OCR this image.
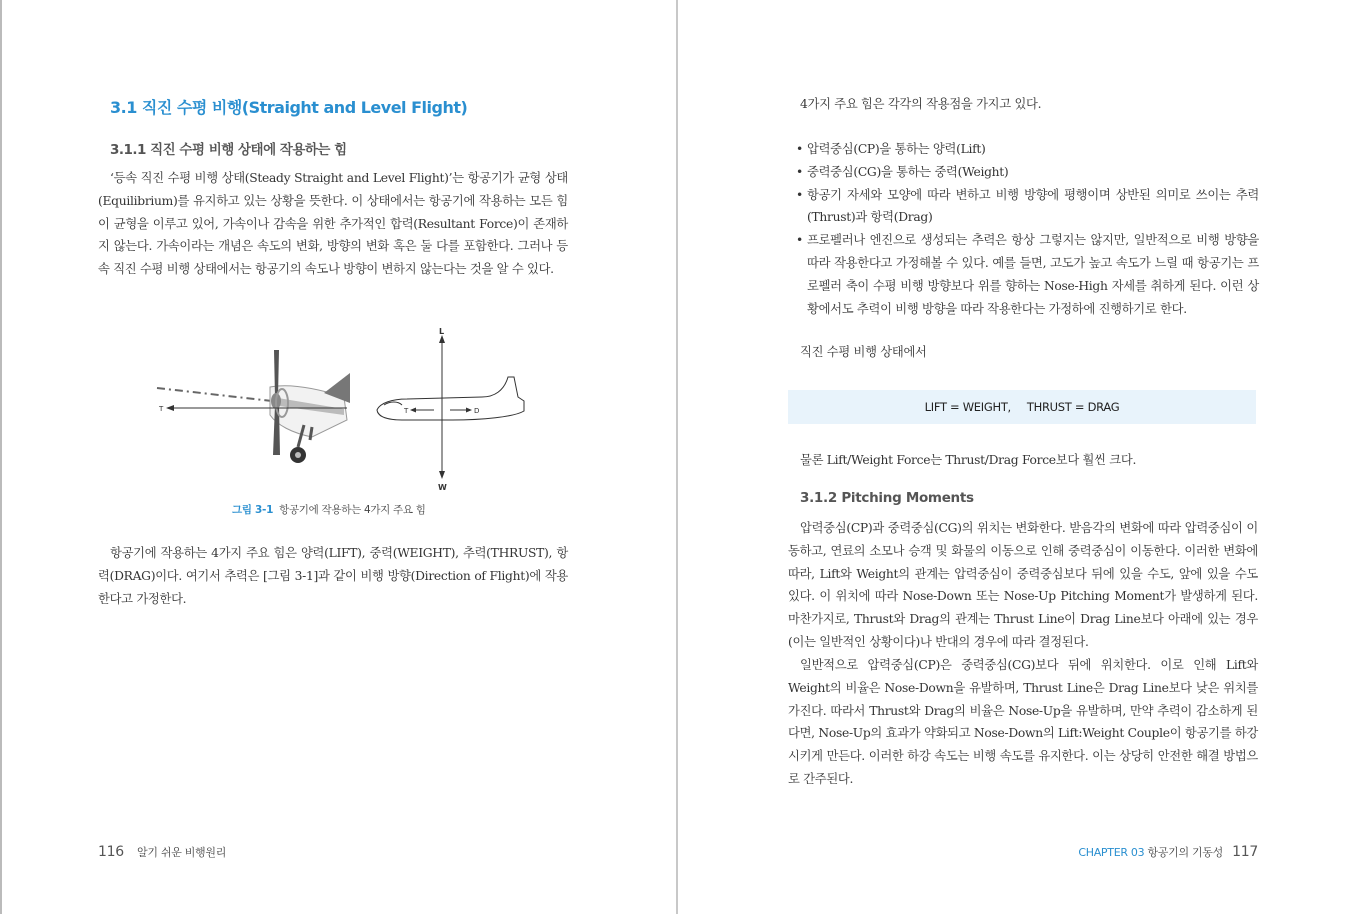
3.1 직진 수평 비행(Straight and Level Flight)
3.1.1 직진 수평 비행 상태에 작용하는 힘

‘등속 직진 수평 비행 상태(Steady Straight and Level Flight)’는 항공기가 균형 상태(Equilibrium)를 유지하고 있는 상황을 뜻한다. 이 상태에서는 항공기에 작용하는 모든 힘이 균형을 이루고 있어, 가속이나 감속을 위한 추가적인 합력(Resultant Force)이 존재하지 않는다. 가속이라는 개념은 속도의 변화, 방향의 변화 혹은 둘 다를 포함한다. 그러나 등속 직진 수평 비행 상태에서는 항공기의 속도나 방향이 변하지 않는다는 것을 알 수 있다.

T
L
W
T	D

그림 3-1 항공기에 작용하는 4가지 주요 힘

항공기에 작용하는 4가지 주요 힘은 양력(LIFT), 중력(WEIGHT), 추력(THRUST), 항력(DRAG)이다. 여기서 추력은 [그림 3-1]과 같이 비행 방향(Direction of Flight)에 작용한다고 가정한다.

116 알기 쉬운 비행원리

4가지 주요 힘은 각각의 작용점을 가지고 있다.

• 압력중심(CP)을 통하는 양력(Lift)
• 중력중심(CG)을 통하는 중력(Weight)
• 항공기 자세와 모양에 따라 변하고 비행 방향에 평행이며 상반된 의미로 쓰이는 추력(Thrust)과 항력(Drag)
• 프로펠러나 엔진으로 생성되는 추력은 항상 그렇지는 않지만, 일반적으로 비행 방향을 따라 작용한다고 가정해볼 수 있다. 예를 들면, 고도가 높고 속도가 느릴 때 항공기는 프로펠러 축이 수평 비행 방향보다 위를 향하는 Nose-High 자세를 취하게 된다. 이런 상황에서도 추력이 비행 방향을 따라 작용한다는 가정하에 진행하기로 한다.

직진 수평 비행 상태에서

LIFT = WEIGHT, THRUST = DRAG

물론 Lift/Weight Force는 Thrust/Drag Force보다 훨씬 크다.

3.1.2 Pitching Moments

압력중심(CP)과 중력중심(CG)의 위치는 변화한다. 받음각의 변화에 따라 압력중심이 이동하고, 연료의 소모나 승객 및 화물의 이동으로 인해 중력중심이 이동한다. 이러한 변화에 따라, Lift와 Weight의 관계는 압력중심이 중력중심보다 뒤에 있을 수도, 앞에 있을 수도 있다. 이 위치에 따라 Nose-Down 또는 Nose-Up Pitching Moment가 발생하게 된다. 마찬가지로, Thrust와 Drag의 관계는 Thrust Line이 Drag Line보다 아래에 있는 경우(이는 일반적인 상황이다)나 반대의 경우에 따라 결정된다.

일반적으로 압력중심(CP)은 중력중심(CG)보다 뒤에 위치한다. 이로 인해 Lift와 Weight의 비율은 Nose-Down을 유발하며, Thrust Line은 Drag Line보다 낮은 위치를 가진다. 따라서 Thrust와 Drag의 비율은 Nose-Up을 유발하며, 만약 추력이 감소하게 된다면, Nose-Up의 효과가 약화되고 Nose-Down의 Lift:Weight Couple이 항공기를 하강시키게 만든다. 이러한 하강 속도는 비행 속도를 유지한다. 이는 상당히 안전한 해결 방법으로 간주된다.

CHAPTER 03 항공기의 기동성 117
